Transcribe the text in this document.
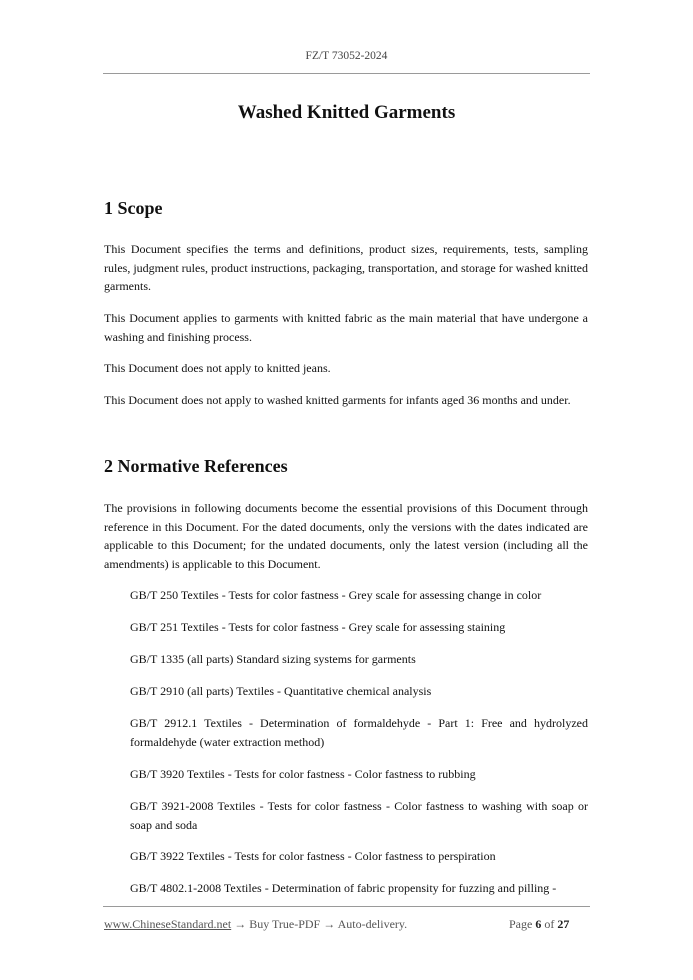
FZ/T 73052-2024
Washed Knitted Garments
1 Scope
This Document specifies the terms and definitions, product sizes, requirements, tests, sampling rules, judgment rules, product instructions, packaging, transportation, and storage for washed knitted garments.
This Document applies to garments with knitted fabric as the main material that have undergone a washing and finishing process.
This Document does not apply to knitted jeans.
This Document does not apply to washed knitted garments for infants aged 36 months and under.
2 Normative References
The provisions in following documents become the essential provisions of this Document through reference in this Document. For the dated documents, only the versions with the dates indicated are applicable to this Document; for the undated documents, only the latest version (including all the amendments) is applicable to this Document.
GB/T 250 Textiles - Tests for color fastness - Grey scale for assessing change in color
GB/T 251 Textiles - Tests for color fastness - Grey scale for assessing staining
GB/T 1335 (all parts) Standard sizing systems for garments
GB/T 2910 (all parts) Textiles - Quantitative chemical analysis
GB/T 2912.1 Textiles - Determination of formaldehyde - Part 1: Free and hydrolyzed formaldehyde (water extraction method)
GB/T 3920 Textiles - Tests for color fastness - Color fastness to rubbing
GB/T 3921-2008 Textiles - Tests for color fastness - Color fastness to washing with soap or soap and soda
GB/T 3922 Textiles - Tests for color fastness - Color fastness to perspiration
GB/T 4802.1-2008 Textiles - Determination of fabric propensity for fuzzing and pilling -
www.ChineseStandard.net → Buy True-PDF → Auto-delivery.	Page 6 of 27
